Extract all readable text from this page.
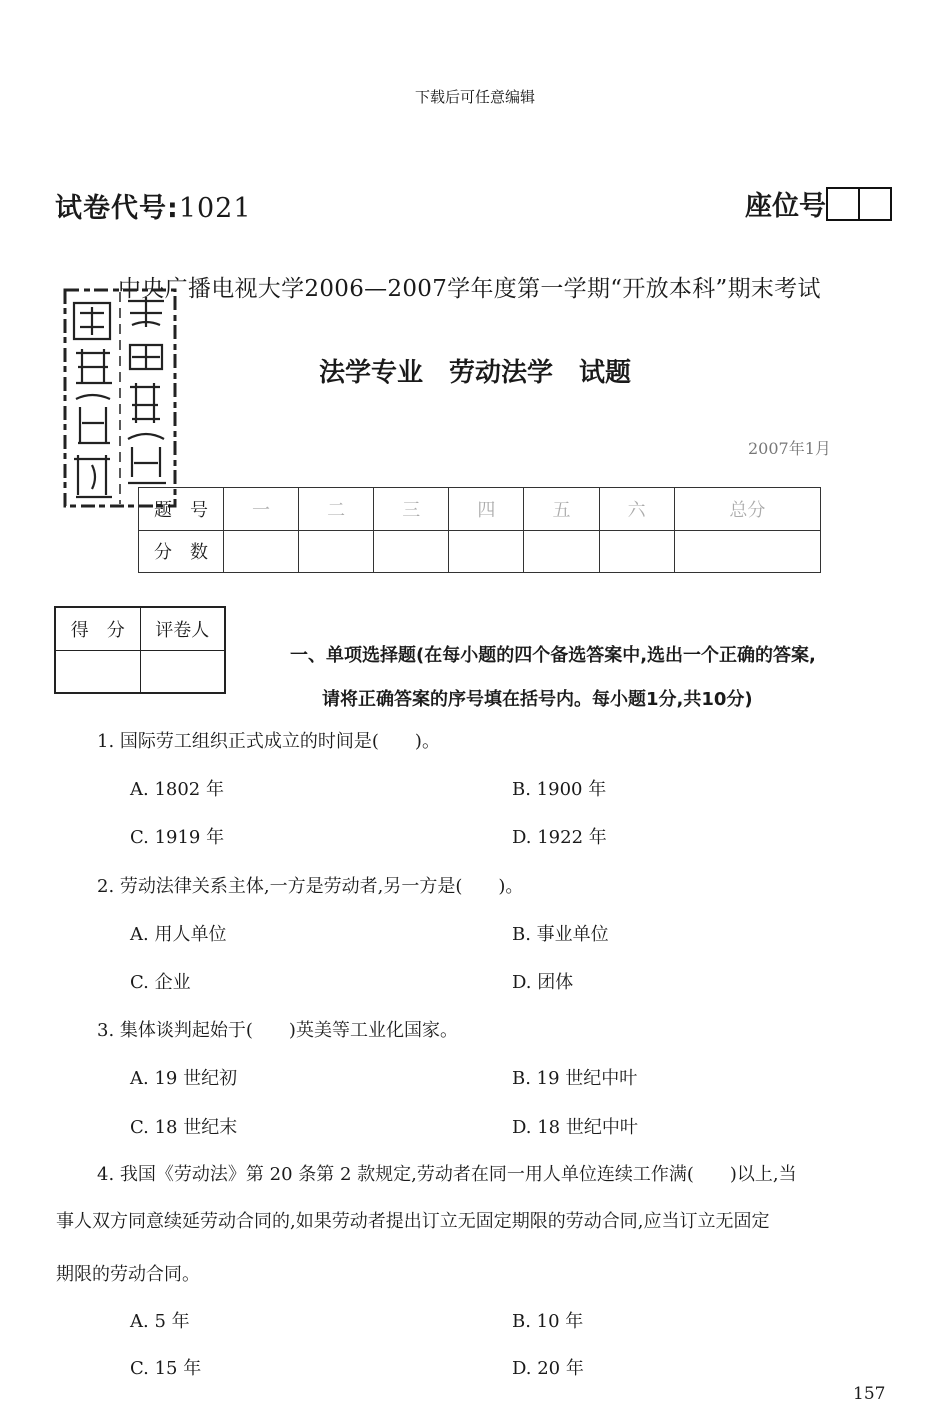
下载后可任意编辑
试卷代号:1021	座位号
中央广播电视大学2006—2007学年度第一学期“开放本科”期末考试
法学专业　劳动法学　试题
2007年1月
题　号	一	二	三	四	五	六	总分
分　数							
得　分	评卷人

一、单项选择题(在每小题的四个备选答案中,选出一个正确的答案,
请将正确答案的序号填在括号内。每小题1分,共10分)
1. 国际劳工组织正式成立的时间是(　　)。
A. 1802 年	B. 1900 年
C. 1919 年	D. 1922 年
2. 劳动法律关系主体,一方是劳动者,另一方是(　　)。
A. 用人单位	B. 事业单位
C. 企业	D. 团体
3. 集体谈判起始于(　　)英美等工业化国家。
A. 19 世纪初	B. 19 世纪中叶
C. 18 世纪末	D. 18 世纪中叶
4. 我国《劳动法》第 20 条第 2 款规定,劳动者在同一用人单位连续工作满(　　)以上,当
事人双方同意续延劳动合同的,如果劳动者提出订立无固定期限的劳动合同,应当订立无固定
期限的劳动合同。
A. 5 年	B. 10 年
C. 15 年	D. 20 年
157
